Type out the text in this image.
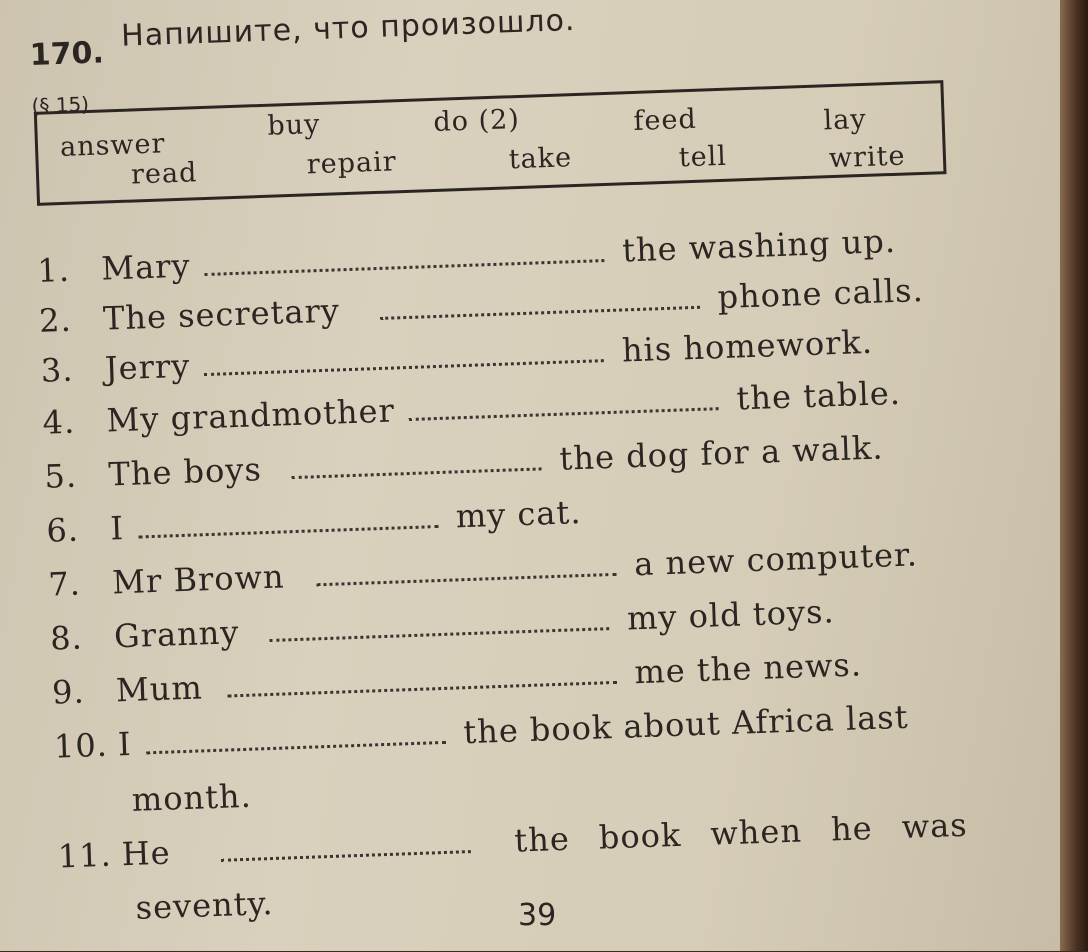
170.
Напишите, что произошло.
(§ 15)
answer
buy	do (2)	feed	lay
read	repair	take	tell	write
1. Mary	the washing up.
2. The secretary	phone calls.
3. Jerry	his homework.
4. My grandmother	the table.
5. The boys	the dog for a walk.
6. I	my cat.
7. Mr Brown	a new computer.
8. Granny	my old toys.
9. Mum	me the news.
10. I	the book about Africa last
month.
11. He	the book when he was
seventy.	39
